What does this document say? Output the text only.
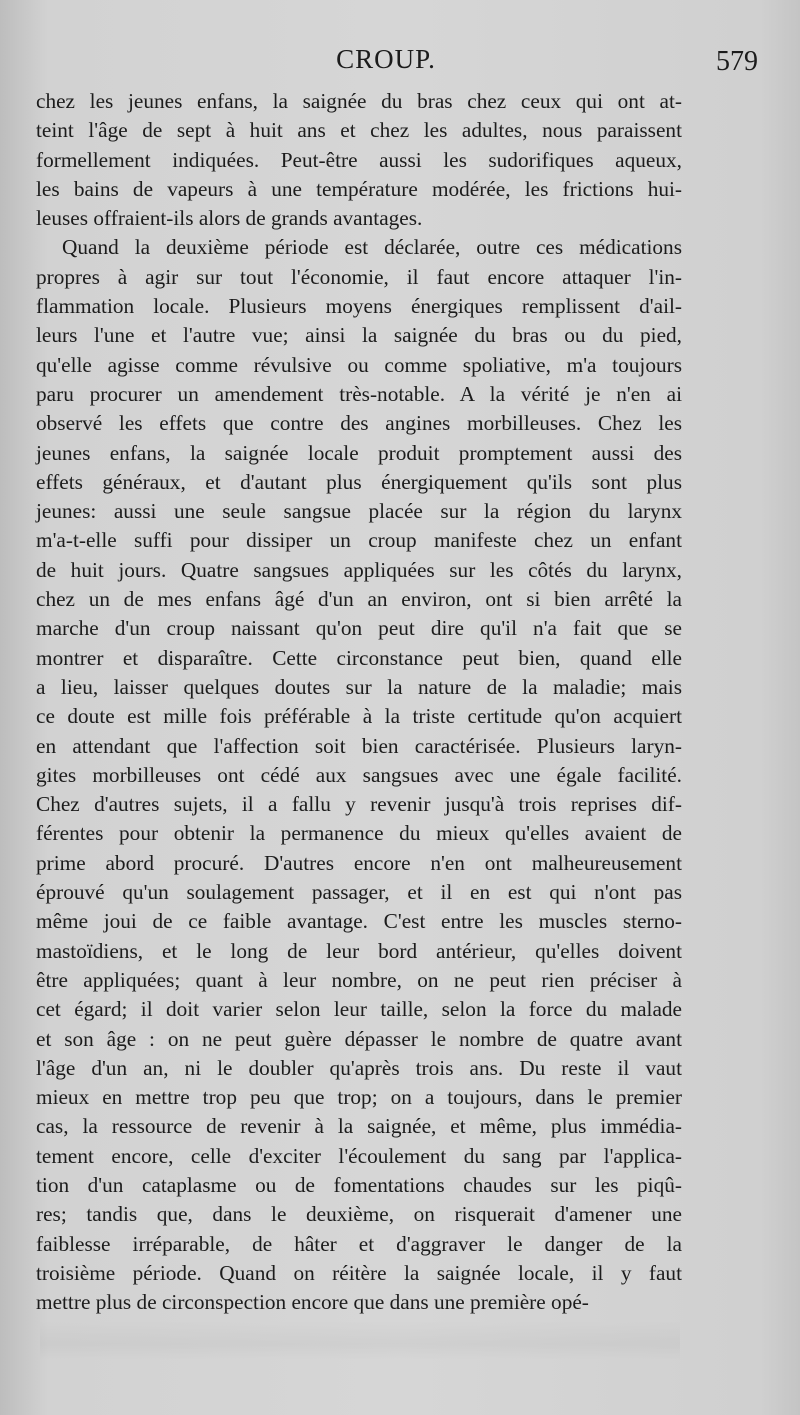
CROUP.	579
chez les jeunes enfans, la saignée du bras chez ceux qui ont at-
teint l'âge de sept à huit ans et chez les adultes, nous paraissent
formellement indiquées. Peut-être aussi les sudorifiques aqueux,
les bains de vapeurs à une température modérée, les frictions hui-
leuses offraient-ils alors de grands avantages.
Quand la deuxième période est déclarée, outre ces médications
propres à agir sur tout l'économie, il faut encore attaquer l'in-
flammation locale. Plusieurs moyens énergiques remplissent d'ail-
leurs l'une et l'autre vue; ainsi la saignée du bras ou du pied,
qu'elle agisse comme révulsive ou comme spoliative, m'a toujours
paru procurer un amendement très-notable. A la vérité je n'en ai
observé les effets que contre des angines morbilleuses. Chez les
jeunes enfans, la saignée locale produit promptement aussi des
effets généraux, et d'autant plus énergiquement qu'ils sont plus
jeunes: aussi une seule sangsue placée sur la région du larynx
m'a-t-elle suffi pour dissiper un croup manifeste chez un enfant
de huit jours. Quatre sangsues appliquées sur les côtés du larynx,
chez un de mes enfans âgé d'un an environ, ont si bien arrêté la
marche d'un croup naissant qu'on peut dire qu'il n'a fait que se
montrer et disparaître. Cette circonstance peut bien, quand elle
a lieu, laisser quelques doutes sur la nature de la maladie; mais
ce doute est mille fois préférable à la triste certitude qu'on acquiert
en attendant que l'affection soit bien caractérisée. Plusieurs laryn-
gites morbilleuses ont cédé aux sangsues avec une égale facilité.
Chez d'autres sujets, il a fallu y revenir jusqu'à trois reprises dif-
férentes pour obtenir la permanence du mieux qu'elles avaient de
prime abord procuré. D'autres encore n'en ont malheureusement
éprouvé qu'un soulagement passager, et il en est qui n'ont pas
même joui de ce faible avantage. C'est entre les muscles sterno-
mastoïdiens, et le long de leur bord antérieur, qu'elles doivent
être appliquées; quant à leur nombre, on ne peut rien préciser à
cet égard; il doit varier selon leur taille, selon la force du malade
et son âge : on ne peut guère dépasser le nombre de quatre avant
l'âge d'un an, ni le doubler qu'après trois ans. Du reste il vaut
mieux en mettre trop peu que trop; on a toujours, dans le premier
cas, la ressource de revenir à la saignée, et même, plus immédia-
tement encore, celle d'exciter l'écoulement du sang par l'applica-
tion d'un cataplasme ou de fomentations chaudes sur les piqû-
res; tandis que, dans le deuxième, on risquerait d'amener une
faiblesse irréparable, de hâter et d'aggraver le danger de la
troisième période. Quand on réitère la saignée locale, il y faut
mettre plus de circonspection encore que dans une première opé-
